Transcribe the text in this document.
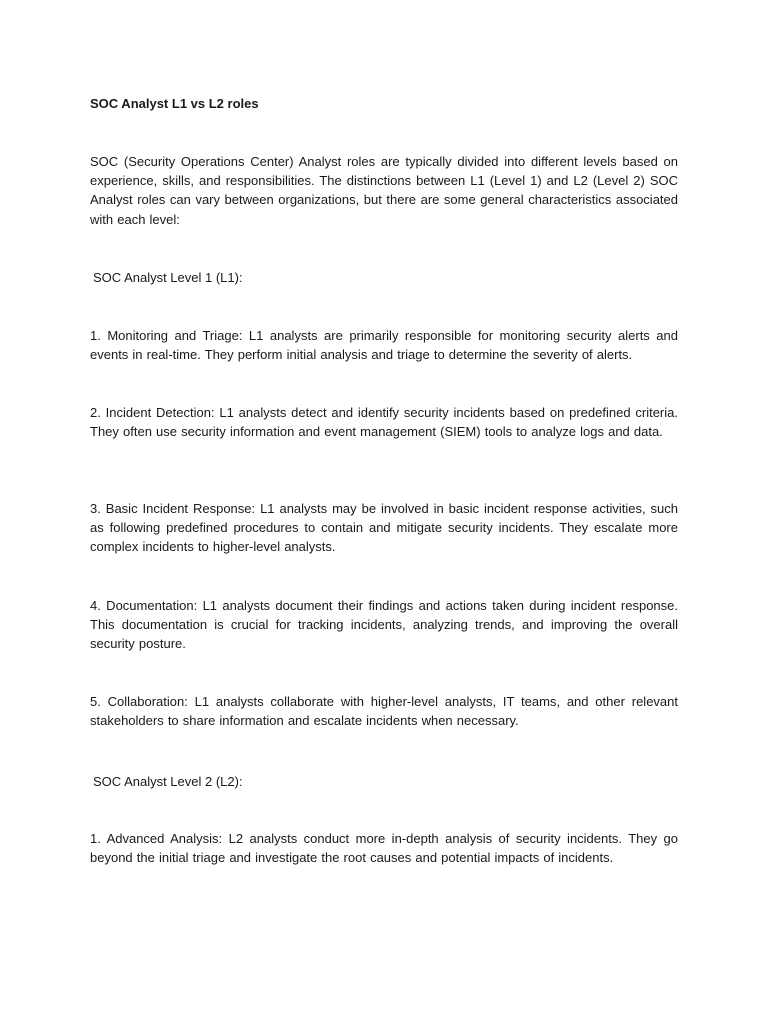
SOC Analyst L1 vs L2 roles

SOC (Security Operations Center) Analyst roles are typically divided into different levels based on experience, skills, and responsibilities. The distinctions between L1 (Level 1) and L2 (Level 2) SOC Analyst roles can vary between organizations, but there are some general characteristics associated with each level:

SOC Analyst Level 1 (L1):

1. Monitoring and Triage: L1 analysts are primarily responsible for monitoring security alerts and events in real-time. They perform initial analysis and triage to determine the severity of alerts.

2. Incident Detection: L1 analysts detect and identify security incidents based on predefined criteria. They often use security information and event management (SIEM) tools to analyze logs and data.

3. Basic Incident Response: L1 analysts may be involved in basic incident response activities, such as following predefined procedures to contain and mitigate security incidents. They escalate more complex incidents to higher-level analysts.

4. Documentation: L1 analysts document their findings and actions taken during incident response. This documentation is crucial for tracking incidents, analyzing trends, and improving the overall security posture.

5. Collaboration: L1 analysts collaborate with higher-level analysts, IT teams, and other relevant stakeholders to share information and escalate incidents when necessary.

SOC Analyst Level 2 (L2):

1. Advanced Analysis: L2 analysts conduct more in-depth analysis of security incidents. They go beyond the initial triage and investigate the root causes and potential impacts of incidents.
